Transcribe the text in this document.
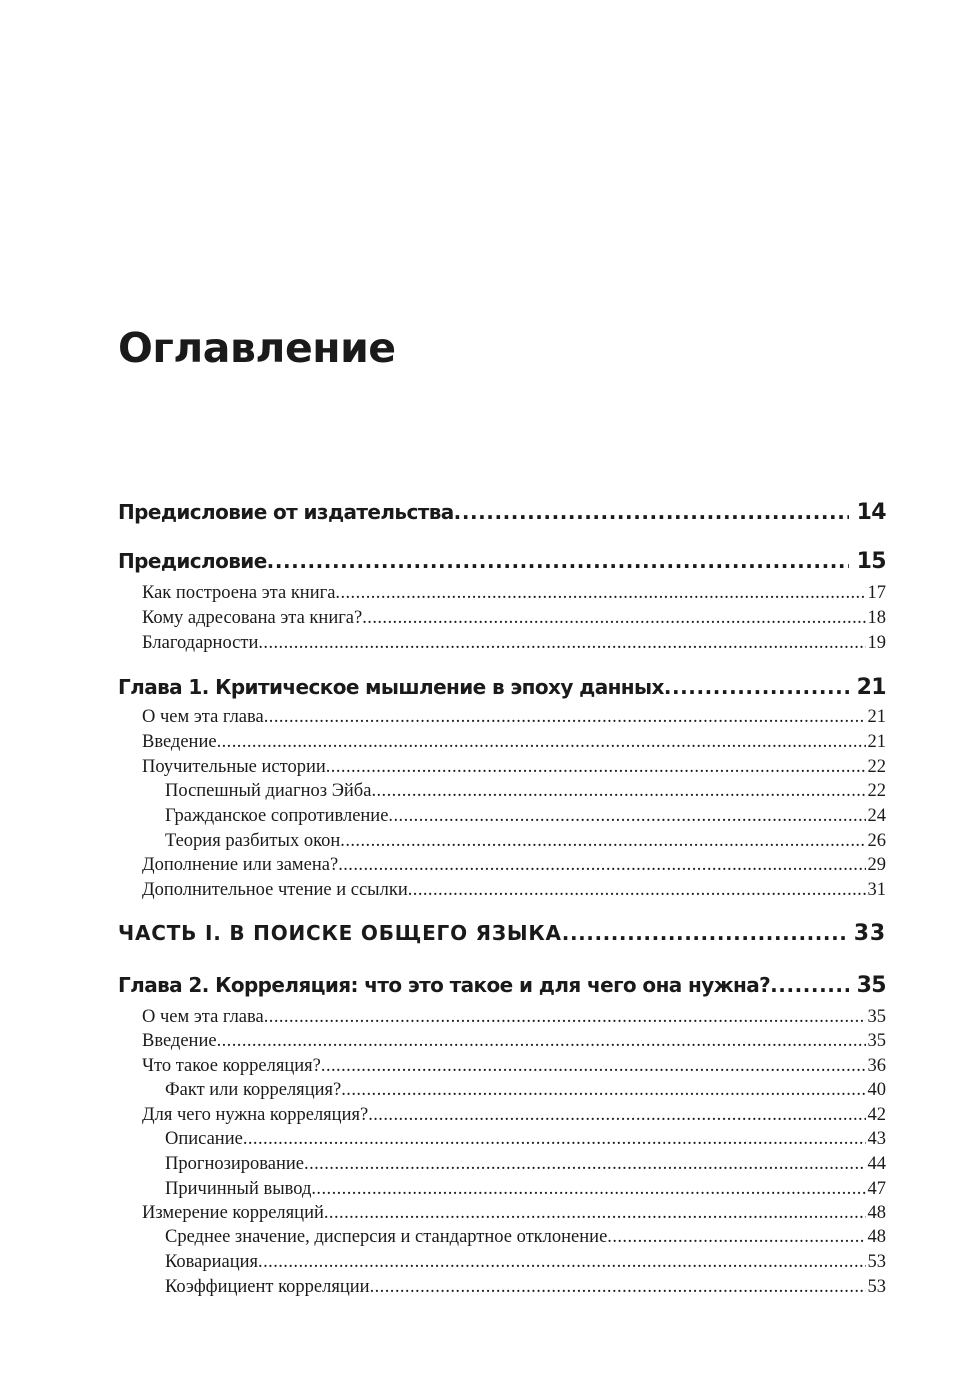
Оглавление
Предисловие от издательства . . .	14
Предисловие . . .	15
Как построена эта книга . . .	17
Кому адресована эта книга? . . .	18
Благодарности . . .	19
Глава 1. Критическое мышление в эпоху данных . . .	21
О чем эта глава . . .	21
Введение . . .	21
Поучительные истории . . .	22
Поспешный диагноз Эйба . . .	22
Гражданское сопротивление . . .	24
Теория разбитых окон . . .	26
Дополнение или замена? . . .	29
Дополнительное чтение и ссылки . . .	31
ЧАСТЬ I. В ПОИСКЕ ОБЩЕГО ЯЗЫКА . . .	33
Глава 2. Корреляция: что это такое и для чего она нужна? . . .	35
О чем эта глава . . .	35
Введение . . .	35
Что такое корреляция? . . .	36
Факт или корреляция? . . .	40
Для чего нужна корреляция? . . .	42
Описание . . .	43
Прогнозирование . . .	44
Причинный вывод . . .	47
Измерение корреляций . . .	48
Среднее значение, дисперсия и стандартное отклонение . . .	48
Ковариация . . .	53
Коэффициент корреляции . . .	53
